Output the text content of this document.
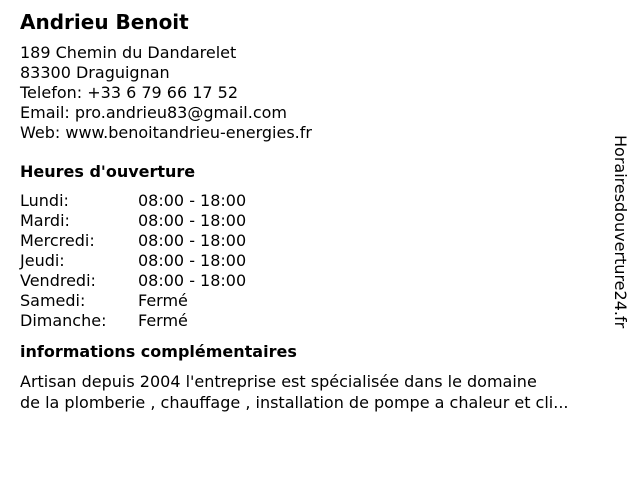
Andrieu Benoit
189 Chemin du Dandarelet
83300 Draguignan
Telefon: +33 6 79 66 17 52
Email: pro.andrieu83@gmail.com
Web: www.benoitandrieu-energies.fr
Heures d'ouverture
Lundi:	08:00 - 18:00
Mardi:	08:00 - 18:00
Mercredi:	08:00 - 18:00
Jeudi:	08:00 - 18:00
Vendredi:	08:00 - 18:00
Samedi:	Fermé
Dimanche:	Fermé
informations complémentaires
Artisan depuis 2004 l'entreprise est spécialisée dans le domaine
de la plomberie , chauffage , installation de pompe a chaleur et cli...
Horairesdouverture24.fr
